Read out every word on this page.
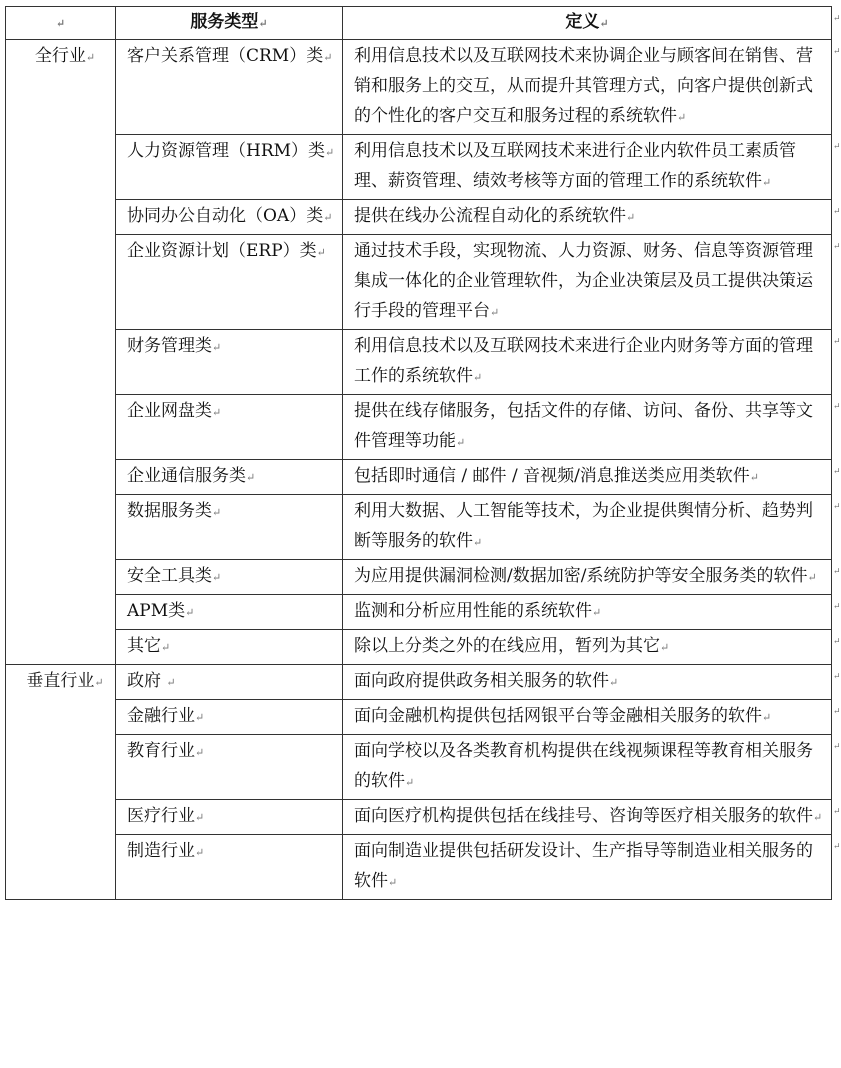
↵	服务类型↵	定义↵
全行业↵	客户关系管理（CRM）类↵	利用信息技术以及互联网技术来协调企业与顾客间在销售、营销和服务上的交互，从而提升其管理方式，向客户提供创新式的个性化的客户交互和服务过程的系统软件↵
	人力资源管理（HRM）类↵	利用信息技术以及互联网技术来进行企业内软件员工素质管理、薪资管理、绩效考核等方面的管理工作的系统软件↵
	协同办公自动化（OA）类↵	提供在线办公流程自动化的系统软件↵
	企业资源计划（ERP）类↵	通过技术手段，实现物流、人力资源、财务、信息等资源管理集成一体化的企业管理软件，为企业决策层及员工提供决策运行手段的管理平台↵
	财务管理类↵	利用信息技术以及互联网技术来进行企业内财务等方面的管理工作的系统软件↵
	企业网盘类↵	提供在线存储服务，包括文件的存储、访问、备份、共享等文件管理等功能↵
	企业通信服务类↵	包括即时通信 / 邮件 / 音视频/消息推送类应用类软件↵
	数据服务类↵	利用大数据、人工智能等技术，为企业提供舆情分析、趋势判断等服务的软件↵
	安全工具类↵	为应用提供漏洞检测/数据加密/系统防护等安全服务类的软件↵
	APM类↵	监测和分析应用性能的系统软件↵
	其它↵	除以上分类之外的在线应用，暂列为其它↵
垂直行业↵	政府 ↵	面向政府提供政务相关服务的软件↵
	金融行业↵	面向金融机构提供包括网银平台等金融相关服务的软件↵
	教育行业↵	面向学校以及各类教育机构提供在线视频课程等教育相关服务的软件↵
	医疗行业↵	面向医疗机构提供包括在线挂号、咨询等医疗相关服务的软件↵
	制造行业↵	面向制造业提供包括研发设计、生产指导等制造业相关服务的软件↵
↵
↵
↵
↵
↵
↵
↵
↵
↵
↵
↵
↵
↵
↵
↵
↵
↵
